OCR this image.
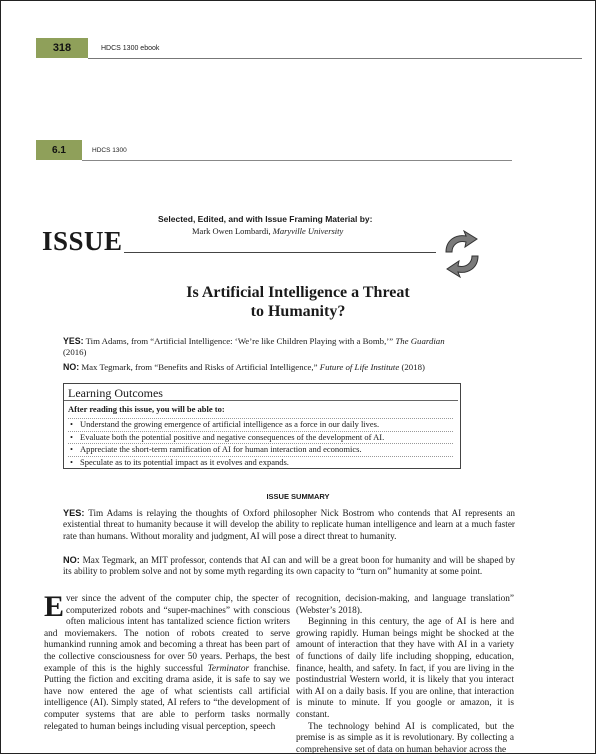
318	HDCS 1300 ebook
6.1	HDCS 1300
Selected, Edited, and with Issue Framing Material by:
Mark Owen Lombardi, Maryville University
ISSUE
Is Artificial Intelligence a Threat
to Humanity?
YES: Tim Adams, from “Artificial Intelligence: ‘We’re like Children Playing with a Bomb,’” The Guardian
(2016)
NO: Max Tegmark, from “Benefits and Risks of Artificial Intelligence,” Future of Life Institute (2018)
Learning Outcomes
After reading this issue, you will be able to:
• Understand the growing emergence of artificial intelligence as a force in our daily lives.
• Evaluate both the potential positive and negative consequences of the development of AI.
• Appreciate the short-term ramification of AI for human interaction and economics.
• Speculate as to its potential impact as it evolves and expands.
ISSUE SUMMARY
YES: Tim Adams is relaying the thoughts of Oxford philosopher Nick Bostrom who contends that AI represents an existential threat to humanity because it will develop the ability to replicate human intelligence and learn at a much faster rate than humans. Without morality and judgment, AI will pose a direct threat to humanity.
NO: Max Tegmark, an MIT professor, contends that AI can and will be a great boon for humanity and will be shaped by its ability to problem solve and not by some myth regarding its own capacity to “turn on” humanity at some point.

Ever since the advent of the computer chip, the specter of computerized robots and “super-machines” with conscious often malicious intent has tantalized science fiction writers and moviemakers. The notion of robots created to serve humankind running amok and becoming a threat has been part of the collective consciousness for over 50 years. Perhaps, the best example of this is the highly successful Terminator franchise. Putting the fiction and exciting drama aside, it is safe to say we have now entered the age of what scientists call artificial intelligence (AI). Simply stated, AI refers to “the development of computer systems that are able to perform tasks normally relegated to human beings including visual perception, speech

recognition, decision-making, and language translation” (Webster’s 2018).

Beginning in this century, the age of AI is here and growing rapidly. Human beings might be shocked at the amount of interaction that they have with AI in a variety of functions of daily life including shopping, education, finance, health, and safety. In fact, if you are living in the postindustrial Western world, it is likely that you interact with AI on a daily basis. If you are online, that interaction is minute to minute. If you google or amazon, it is constant.

The technology behind AI is complicated, but the premise is as simple as it is revolutionary. By collecting a comprehensive set of data on human behavior across the
